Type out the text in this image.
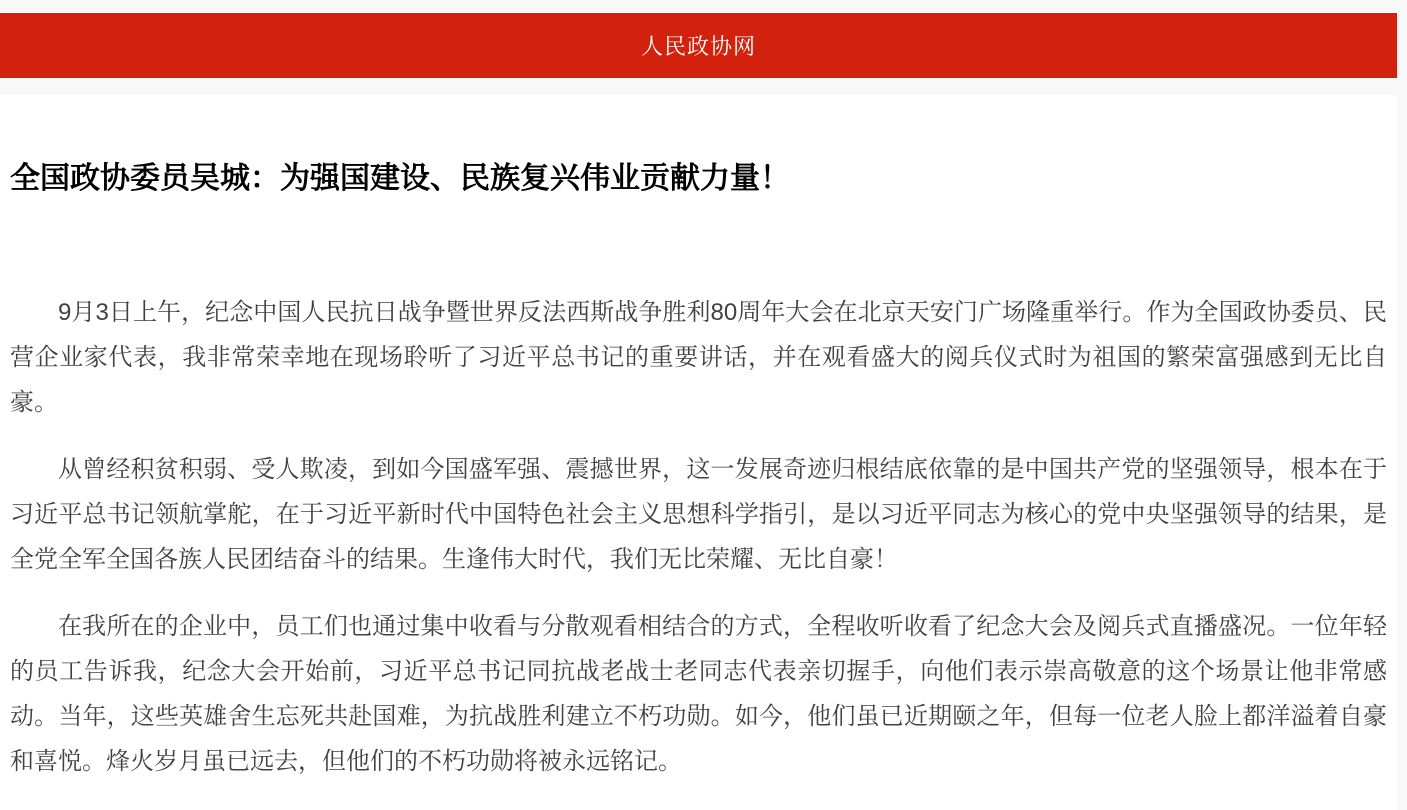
人民政协网
全国政协委员吴城：为强国建设、民族复兴伟业贡献力量！

9月3日上午，纪念中国人民抗日战争暨世界反法西斯战争胜利80周年大会在北京天安门广场隆重举行。作为全国政协委员、民营企业家代表，我非常荣幸地在现场聆听了习近平总书记的重要讲话，并在观看盛大的阅兵仪式时为祖国的繁荣富强感到无比自豪。

从曾经积贫积弱、受人欺凌，到如今国盛军强、震撼世界，这一发展奇迹归根结底依靠的是中国共产党的坚强领导，根本在于习近平总书记领航掌舵，在于习近平新时代中国特色社会主义思想科学指引，是以习近平同志为核心的党中央坚强领导的结果，是全党全军全国各族人民团结奋斗的结果。生逢伟大时代，我们无比荣耀、无比自豪！

在我所在的企业中，员工们也通过集中收看与分散观看相结合的方式，全程收听收看了纪念大会及阅兵式直播盛况。一位年轻的员工告诉我，纪念大会开始前，习近平总书记同抗战老战士老同志代表亲切握手，向他们表示崇高敬意的这个场景让他非常感动。当年，这些英雄舍生忘死共赴国难，为抗战胜利建立不朽功勋。如今，他们虽已近期颐之年，但每一位老人脸上都洋溢着自豪和喜悦。烽火岁月虽已远去，但他们的不朽功勋将被永远铭记。
